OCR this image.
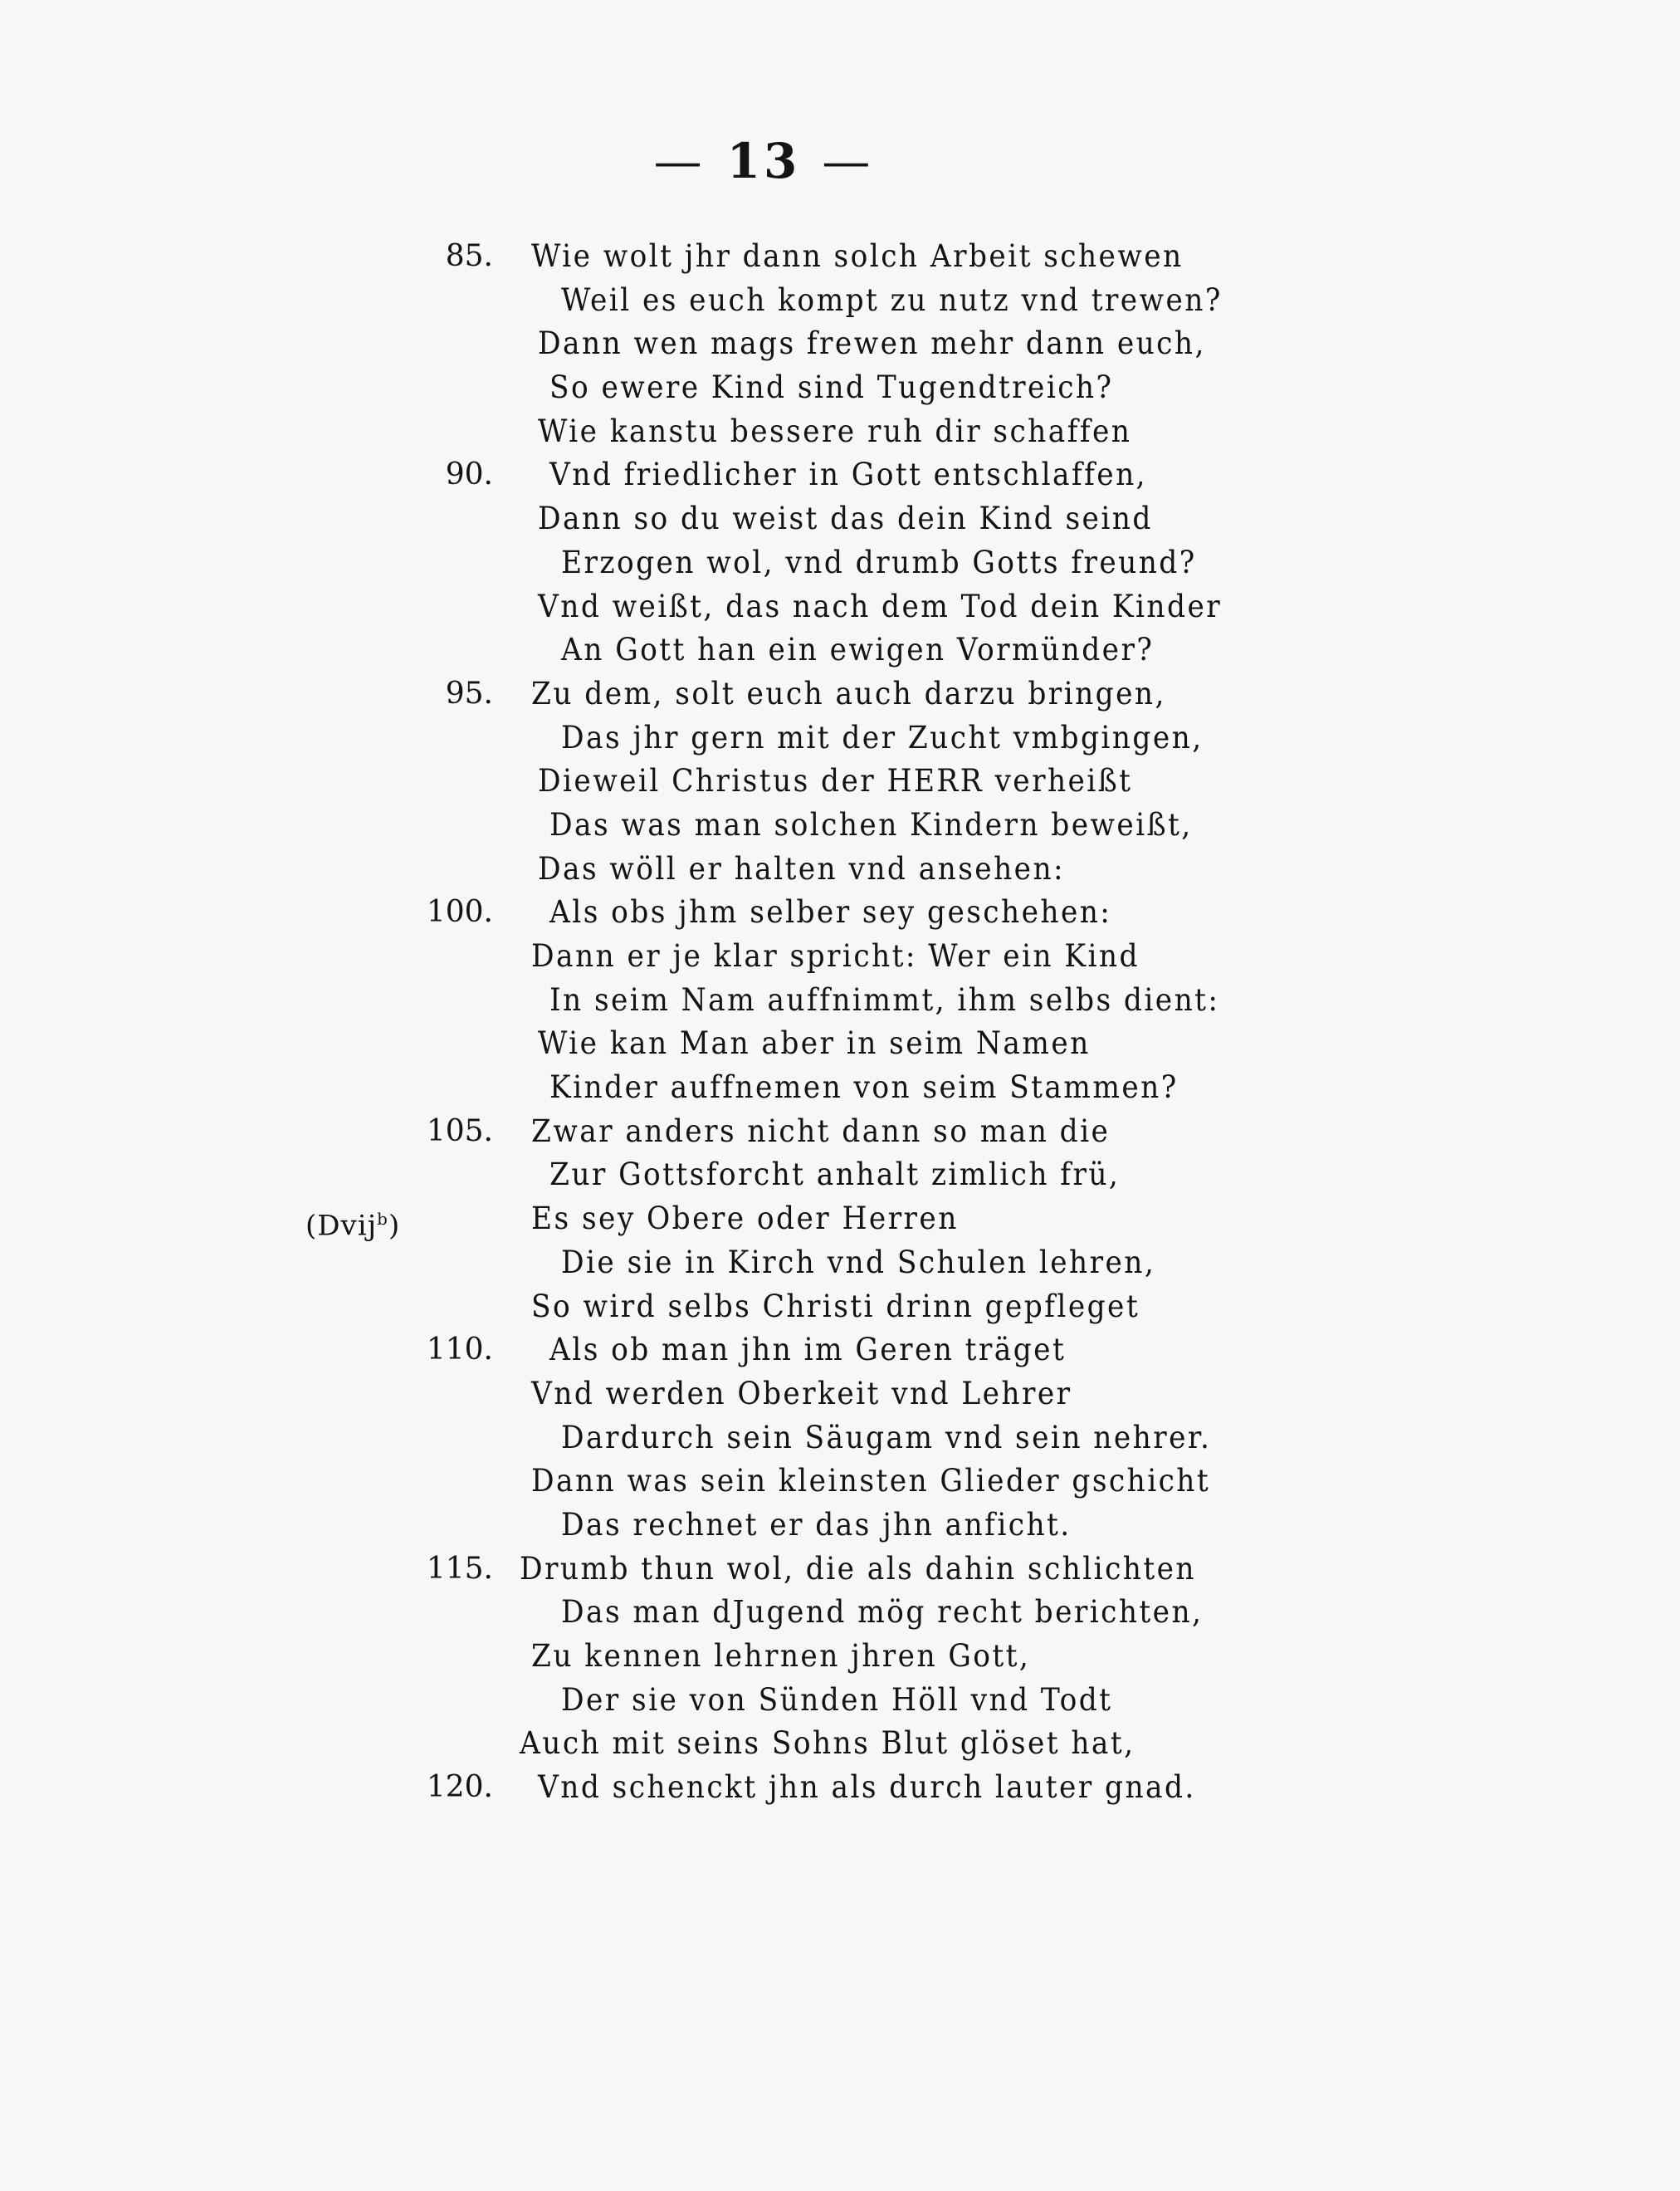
— 13 —
85. Wie wolt jhr dann solch Arbeit schewen
Weil es euch kompt zu nutz vnd trewen?
Dann wen mags frewen mehr dann euch,
So ewere Kind sind Tugendtreich?
Wie kanstu bessere ruh dir schaffen
90. Vnd friedlicher in Gott entschlaffen,
Dann so du weist das dein Kind seind
Erzogen wol, vnd drumb Gotts freund?
Vnd weißt, das nach dem Tod dein Kinder
An Gott han ein ewigen Vormünder?
95. Zu dem, solt euch auch darzu bringen,
Das jhr gern mit der Zucht vmbgingen,
Dieweil Christus der HERR verheißt
Das was man solchen Kindern beweißt,
Das wöll er halten vnd ansehen:
100. Als obs jhm selber sey geschehen:
Dann er je klar spricht: Wer ein Kind
In seim Nam auffnimmt, ihm selbs dient:
Wie kan Man aber in seim Namen
Kinder auffnemen von seim Stammen?
105. Zwar anders nicht dann so man die
Zur Gottsforcht anhalt zimlich frü,
(Dvij$^b$)	Es sey Obere oder Herren
Die sie in Kirch vnd Schulen lehren,
So wird selbs Christi drinn gepfleget
110. Als ob man jhn im Geren träget
Vnd werden Oberkeit vnd Lehrer
Dardurch sein Säugam vnd sein nehrer.
Dann was sein kleinsten Glieder gschicht
Das rechnet er das jhn anficht.
115. Drumb thun wol, die als dahin schlichten
Das man dJugend mög recht berichten,
Zu kennen lehrnen jhren Gott,
Der sie von Sünden Höll vnd Todt
Auch mit seins Sohns Blut glöset hat,
120. Vnd schenckt jhn als durch lauter gnad.
